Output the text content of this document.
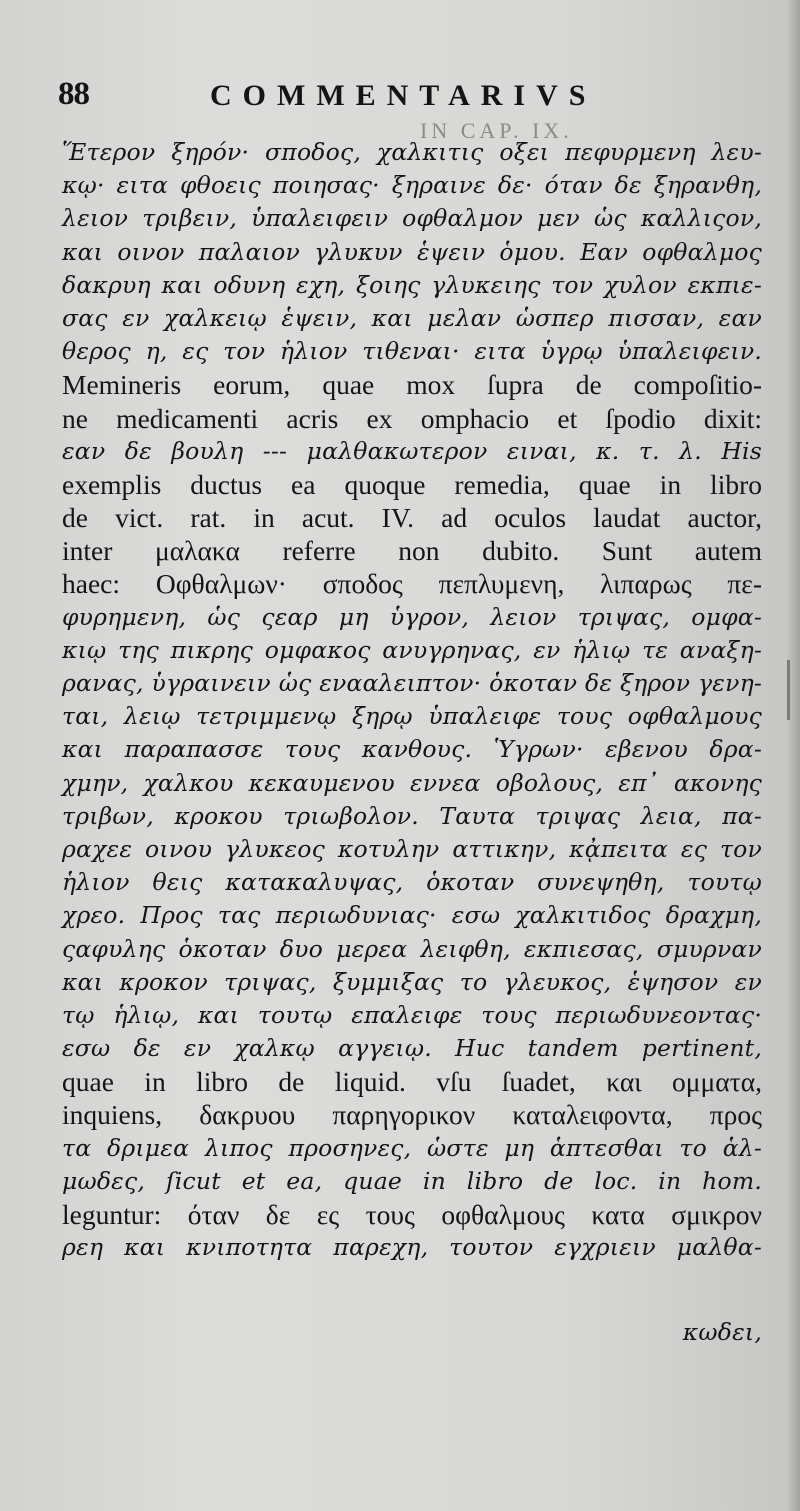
88	COMMENTARIVS
IN CAP. IX.
Ἕτερον ξηρόν· σποδος, χαλκιτις οξει πεφυρμενη λευ-
κῳ· ειτα φθοεις ποιησας· ξηραινε δε· όταν δε ξηρανθη,
λειον τριβειν, ὑπαλειφειν οφθαλμον μεν ὡς καλλιςον,
και οινον παλαιον γλυκυν ἑψειν ὁμου. Εαν οφθαλμος
δακρυη και οδυνη εχη, ξοιης γλυκειης τον χυλον εκπιε-
σας εν χαλκειῳ ἑψειν, και μελαν ὡσπερ πισσαν, εαν
θερος η, ες τον ἡλιον τιθεναι· ειτα ὑγρῳ ὑπαλειφειν.
Memineris eorum, quae mox ſupra de compoſitio-
ne medicamenti acris ex omphacio et ſpodio dixit:
εαν δε βουλη --- μαλθακωτερον ειναι, κ. τ. λ. His
exemplis ductus ea quoque remedia, quae in libro
de vict. rat. in acut. IV. ad oculos laudat auctor,
inter μαλακα referre non dubito. Sunt autem
haec: Οφθαλμων· σποδος πεπλυμενη, λιπαρως πε-
φυρημενη, ὡς ςεαρ μη ὑγρον, λειον τριψας, ομφα-
κιῳ της πικρης ομφακος ανυγρηνας, εν ἡλιῳ τε αναξη-
ρανας, ὑγραινειν ὡς ενααλειπτον· ὁκοταν δε ξηρον γενη-
ται, λειῳ τετριμμενῳ ξηρῳ ὑπαλειφε τους οφθαλμους
και παραπασσε τους κανθους. Ὑγρων· εβενου δρα-
χμην, χαλκου κεκαυμενου εννεα οβολους, επ᾽ ακονης
τριβων, κροκου τριωβολον. Ταυτα τριψας λεια, πα-
ραχεε οινου γλυκεος κοτυλην αττικην, κᾀπειτα ες τον
ἡλιον θεις κατακαλυψας, ὁκοταν συνεψηθη, τουτῳ
χρεο. Προς τας περιωδυνιας· εσω χαλκιτιδος δραχμη,
ςαφυλης ὁκοταν δυο μερεα λειφθη, εκπιεσας, σμυρναν
και κροκον τριψας, ξυμμιξας το γλευκος, ἑψησον εν
τῳ ἡλιῳ, και τουτῳ επαλειφε τους περιωδυνεοντας·
εσω δε εν χαλκῳ αγγειῳ. Huc tandem pertinent,
quae in libro de liquid. vſu ſuadet, και ομματα,
inquiens, δακρυου παρηγορικον καταλειφοντα, προς
τα δριμεα λιπος προσηνες, ὡστε μη ἁπτεσθαι το ἁλ-
μωδες, ſicut et ea, quae in libro de loc. in hom.
leguntur: όταν δε ες τους οφθαλμους κατα σμικρον
ρεη και κνιποτητα παρεχη, τουτον εγχριειν μαλθα-
κωδει,
